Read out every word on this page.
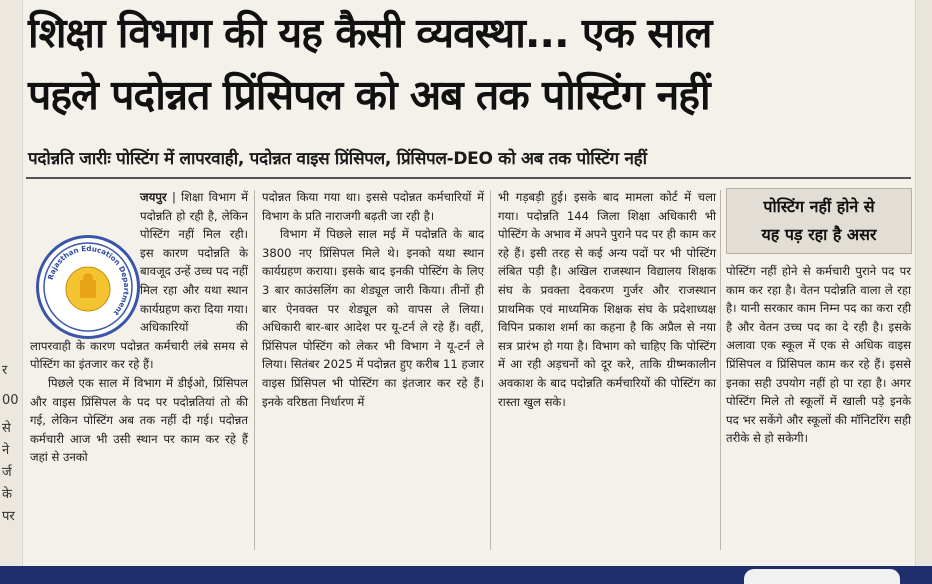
र
00
से
ने
र्ज
के
पर
शिक्षा विभाग की यह कैसी व्यवस्था... एक साल
पहले पदोन्नत प्रिंसिपल को अब तक पोस्टिंग नहीं
पदोन्नति जारीः पोस्टिंग में लापरवाही, पदोन्नत वाइस प्रिंसिपल, प्रिंसिपल-DEO को अब तक पोस्टिंग नहीं

जयपुर | शिक्षा विभाग में पदोन्नति हो रही है, लेकिन पोस्टिंग नहीं मिल रही। इस कारण पदोन्नति के बावजूद उन्हें उच्च पद नहीं मिल रहा और यथा स्थान कार्यग्रहण करा दिया गया। अधिकारियों की लापरवाही के कारण पदोन्नत कर्मचारी लंबे समय से पोस्टिंग का इंतजार कर रहे हैं।

पिछले एक साल में विभाग में डीईओ, प्रिंसिपल और वाइस प्रिंसिपल के पद पर पदोन्नतियां तो की गई, लेकिन पोस्टिंग अब तक नहीं दी गई। पदोन्नत कर्मचारी आज भी उसी स्थान पर काम कर रहे हैं जहां से उनको

Rajasthan Education Department

पदोन्नत किया गया था। इससे पदोन्नत कर्मचारियों में विभाग के प्रति नाराजगी बढ़ती जा रही है।

विभाग में पिछले साल मई में पदोन्नति के बाद 3800 नए प्रिंसिपल मिले थे। इनको यथा स्थान कार्यग्रहण कराया। इसके बाद इनकी पोस्टिंग के लिए 3 बार काउंसलिंग का शेड्यूल जारी किया। तीनों ही बार ऐनवक्त पर शेड्यूल को वापस ले लिया। अधिकारी बार-बार आदेश पर यू-टर्न ले रहे हैं। वहीं, प्रिंसिपल पोस्टिंग को लेकर भी विभाग ने यू-टर्न ले लिया। सितंबर 2025 में पदोन्नत हुए करीब 11 हजार वाइस प्रिंसिपल भी पोस्टिंग का इंतजार कर रहे हैं। इनके वरिष्ठता निर्धारण में

भी गड़बड़ी हुई। इसके बाद मामला कोर्ट में चला गया। पदोन्नति 144 जिला शिक्षा अधिकारी भी पोस्टिंग के अभाव में अपने पुराने पद पर ही काम कर रहे हैं। इसी तरह से कई अन्य पदों पर भी पोस्टिंग लंबित पड़ी है। अखिल राजस्थान विद्यालय शिक्षक संघ के प्रवक्ता देवकरण गुर्जर और राजस्थान प्राथमिक एवं माध्यमिक शिक्षक संघ के प्रदेशाध्यक्ष विपिन प्रकाश शर्मा का कहना है कि अप्रैल से नया सत्र प्रारंभ हो गया है। विभाग को चाहिए कि पोस्टिंग में आ रही अड़चनों को दूर करे, ताकि ग्रीष्मकालीन अवकाश के बाद पदोन्नति कर्मचारियों की पोस्टिंग का रास्ता खुल सके।

पोस्टिंग नहीं होने से
यह पड़ रहा है असर

पोस्टिंग नहीं होने से कर्मचारी पुराने पद पर काम कर रहा है। वेतन पदोन्नति वाला ले रहा है। यानी सरकार काम निम्न पद का करा रही है और वेतन उच्च पद का दे रही है। इसके अलावा एक स्कूल में एक से अधिक वाइस प्रिंसिपल व प्रिंसिपल काम कर रहे हैं। इससे इनका सही उपयोग नहीं हो पा रहा है। अगर पोस्टिंग मिले तो स्कूलों में खाली पड़े इनके पद भर सकेंगे और स्कूलों की मॉनिटरिंग सही तरीके से हो सकेगी।
